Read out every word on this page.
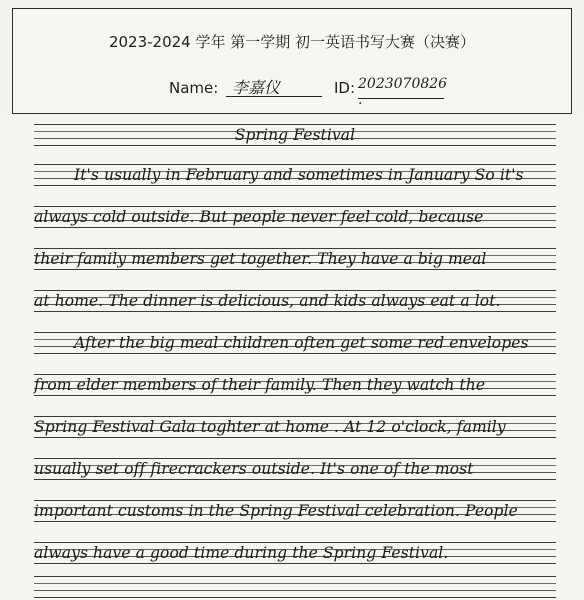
2023-2024 学年 第一学期 初一英语书写大赛（决赛）
Name: 李嘉仪	ID: 2023070826 .
Spring Festival
It's usually in February and sometimes in January So it's
always cold outside. But people never feel cold, because
their family members get together. They have a big meal
at home. The dinner is delicious, and kids always eat a lot.
After the big meal children often get some red envelopes
from elder members of their family. Then they watch the
Spring Festival Gala toghter at home . At 12 o'clock, family
usually set off firecrackers outside. It's one of the most
important customs in the Spring Festival celebration. People
always have a good time during the Spring Festival.
